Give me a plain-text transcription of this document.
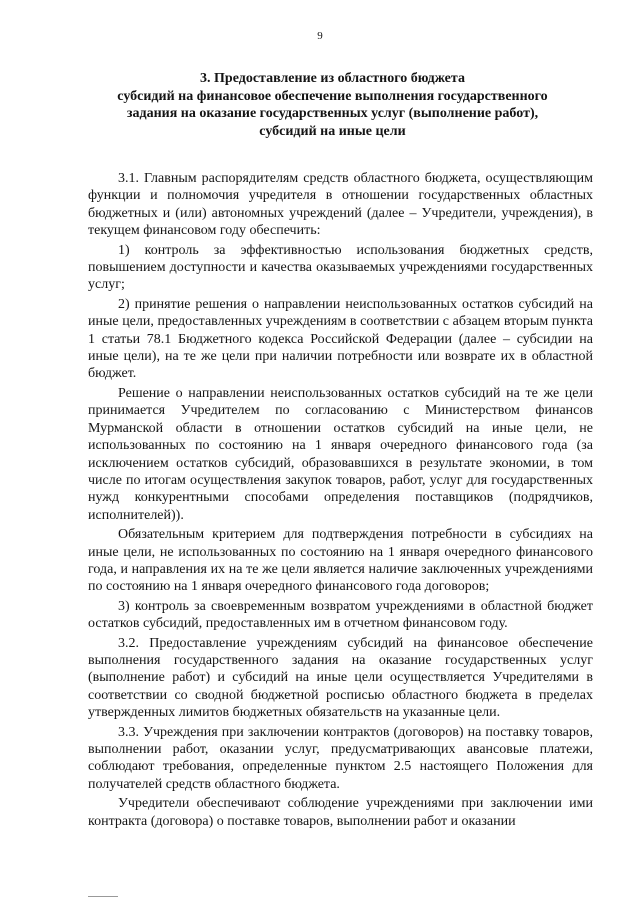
9
3. Предоставление из областного бюджета
субсидий на финансовое обеспечение выполнения государственного
задания на оказание государственных услуг (выполнение работ),
субсидий на иные цели

3.1. Главным распорядителям средств областного бюджета, осуществляющим функции и полномочия учредителя в отношении государственных областных бюджетных и (или) автономных учреждений (далее – Учредители, учреждения), в текущем финансовом году обеспечить:

1) контроль за эффективностью использования бюджетных средств, повышением доступности и качества оказываемых учреждениями государственных услуг;

2) принятие решения о направлении неиспользованных остатков субсидий на иные цели, предоставленных учреждениям в соответствии с абзацем вторым пункта 1 статьи 78.1 Бюджетного кодекса Российской Федерации (далее – субсидии на иные цели), на те же цели при наличии потребности или возврате их в областной бюджет.

Решение о направлении неиспользованных остатков субсидий на те же цели принимается Учредителем по согласованию с Министерством финансов Мурманской области в отношении остатков субсидий на иные цели, не использованных по состоянию на 1 января очередного финансового года (за исключением остатков субсидий, образовавшихся в результате экономии, в том числе по итогам осуществления закупок товаров, работ, услуг для государственных нужд конкурентными способами определения поставщиков (подрядчиков, исполнителей)).

Обязательным критерием для подтверждения потребности в субсидиях на иные цели, не использованных по состоянию на 1 января очередного финансового года, и направления их на те же цели является наличие заключенных учреждениями по состоянию на 1 января очередного финансового года договоров;

3) контроль за своевременным возвратом учреждениями в областной бюджет остатков субсидий, предоставленных им в отчетном финансовом году.

3.2. Предоставление учреждениям субсидий на финансовое обеспечение выполнения государственного задания на оказание государственных услуг (выполнение работ) и субсидий на иные цели осуществляется Учредителями в соответствии со сводной бюджетной росписью областного бюджета в пределах утвержденных лимитов бюджетных обязательств на указанные цели.

3.3. Учреждения при заключении контрактов (договоров) на поставку товаров, выполнении работ, оказании услуг, предусматривающих авансовые платежи, соблюдают требования, определенные пунктом 2.5 настоящего Положения для получателей средств областного бюджета.

Учредители обеспечивают соблюдение учреждениями при заключении ими контракта (договора) о поставке товаров, выполнении работ и оказании
